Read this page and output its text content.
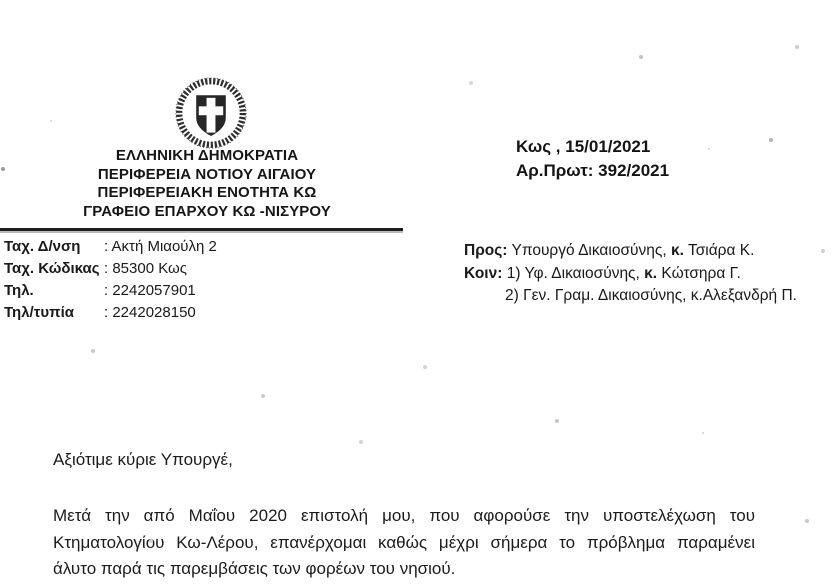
ΕΛΛΗΝΙΚΗ ΔΗΜΟΚΡΑΤΙΑ
ΠΕΡΙΦΕΡΕΙΑ ΝΟΤΙΟΥ ΑΙΓΑΙΟΥ
ΠΕΡΙΦΕΡΕΙΑΚΗ ΕΝΟΤΗΤΑ ΚΩ
ΓΡΑΦΕΙΟ ΕΠΑΡΧΟΥ ΚΩ -ΝΙΣΥΡΟΥ
Ταχ. Δ/νση : Ακτή Μιαούλη 2
Ταχ. Κώδικας : 85300 Κως
Τηλ.	: 2242057901
Τηλ/τυπία : 2242028150
Κως , 15/01/2021
Αρ.Πρωτ: 392/2021
Προς: Υπουργό Δικαιοσύνης, κ. Τσιάρα Κ.
Κοιν: 1) Υφ. Δικαιοσύνης, κ. Κώτσηρα Γ.
2) Γεν. Γραμ. Δικαιοσύνης, κ.Αλεξανδρή Π.
Αξιότιμε κύριε Υπουργέ,
Μετά την από Μαΐου 2020 επιστολή μου, που αφορούσε την υποστελέχωση του
Κτηματολογίου Κω-Λέρου, επανέρχομαι καθώς μέχρι σήμερα το πρόβλημα παραμένει
άλυτο παρά τις παρεμβάσεις των φορέων του νησιού.
